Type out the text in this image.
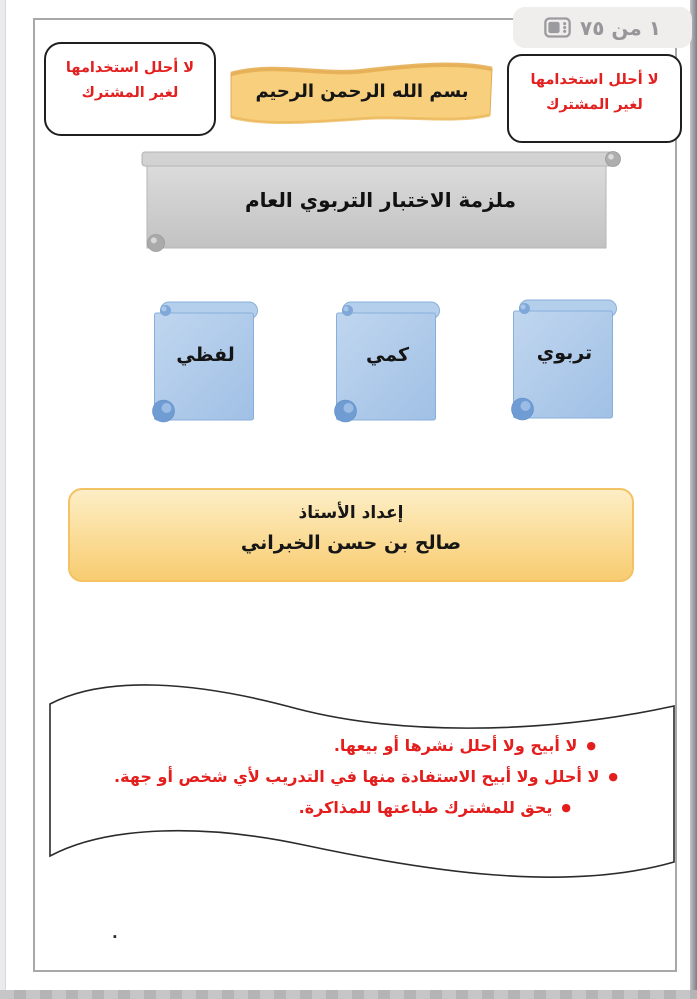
١ من ٧٥
لا أحلل استخدامها لغير المشترك
لا أحلل استخدامها لغير المشترك
بسم الله الرحمن الرحيم
ملزمة الاختبار التربوي العام
تربوي
كمي
لفظي
إعداد الأستاذ
صالح بن حسن الخبراني
●لا أبيح ولا أحلل نشرها أو بيعها.
●لا أحلل ولا أبيح الاستفادة منها في التدريب لأي شخص أو جهة.
●يحق للمشترك طباعتها للمذاكرة.
.
